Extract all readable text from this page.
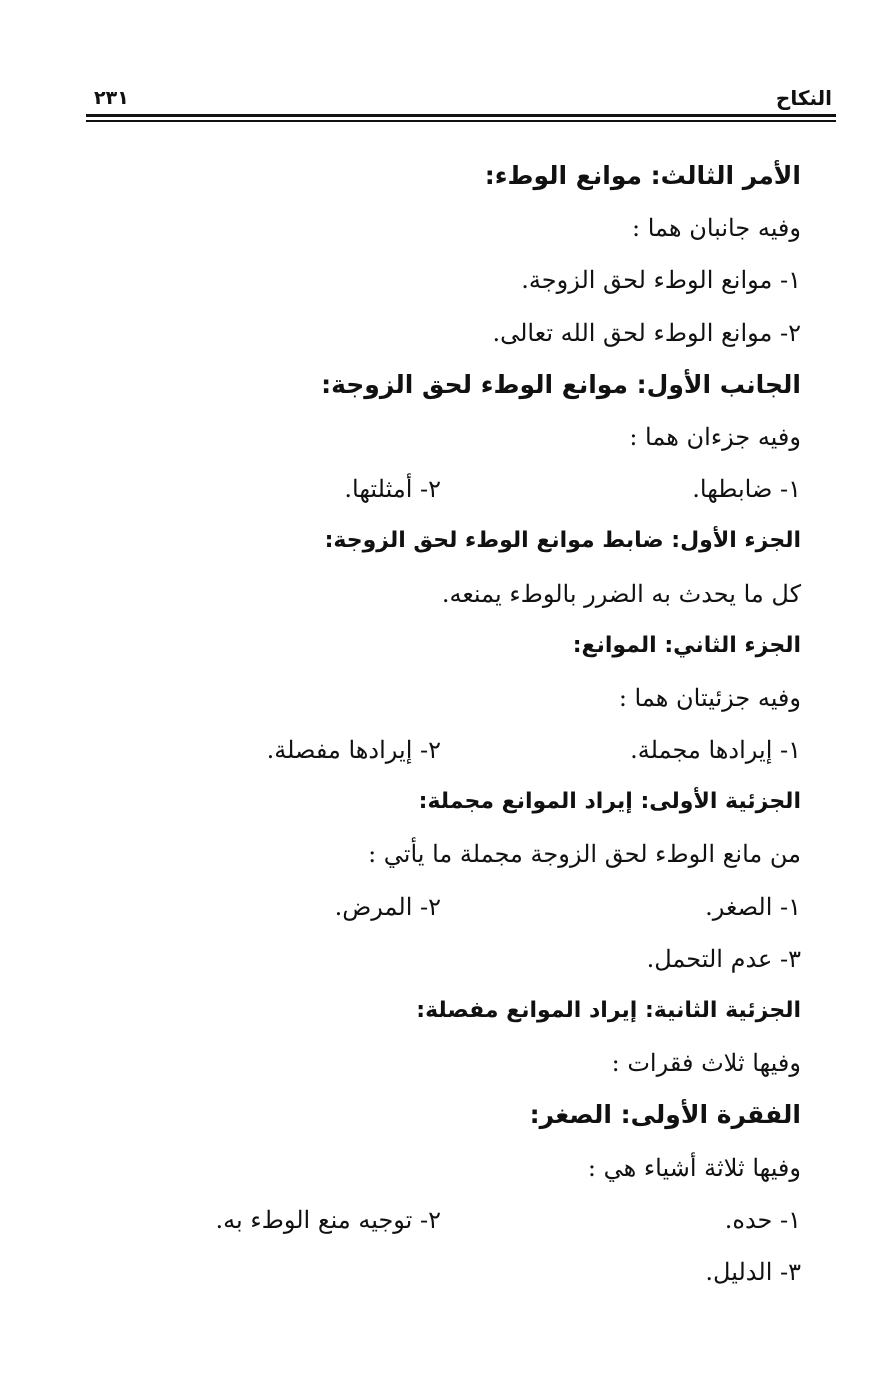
النكاح
٢٣١
الأمر الثالث: موانع الوطء:
وفيه جانبان هما :
١- موانع الوطء لحق الزوجة.
٢- موانع الوطء لحق الله تعالى.
الجانب الأول: موانع الوطء لحق الزوجة:
وفيه جزءان هما :
١- ضابطها.
٢- أمثلتها.
الجزء الأول: ضابط موانع الوطء لحق الزوجة:
كل ما يحدث به الضرر بالوطء يمنعه.
الجزء الثاني: الموانع:
وفيه جزئيتان هما :
١- إيرادها مجملة.
٢- إيرادها مفصلة.
الجزئية الأولى: إيراد الموانع مجملة:
من مانع الوطء لحق الزوجة مجملة ما يأتي :
١- الصغر.
٢- المرض.
٣- عدم التحمل.
الجزئية الثانية: إيراد الموانع مفصلة:
وفيها ثلاث فقرات :
الفقرة الأولى: الصغر:
وفيها ثلاثة أشياء هي :
١- حده.
٢- توجيه منع الوطء به.
٣- الدليل.
